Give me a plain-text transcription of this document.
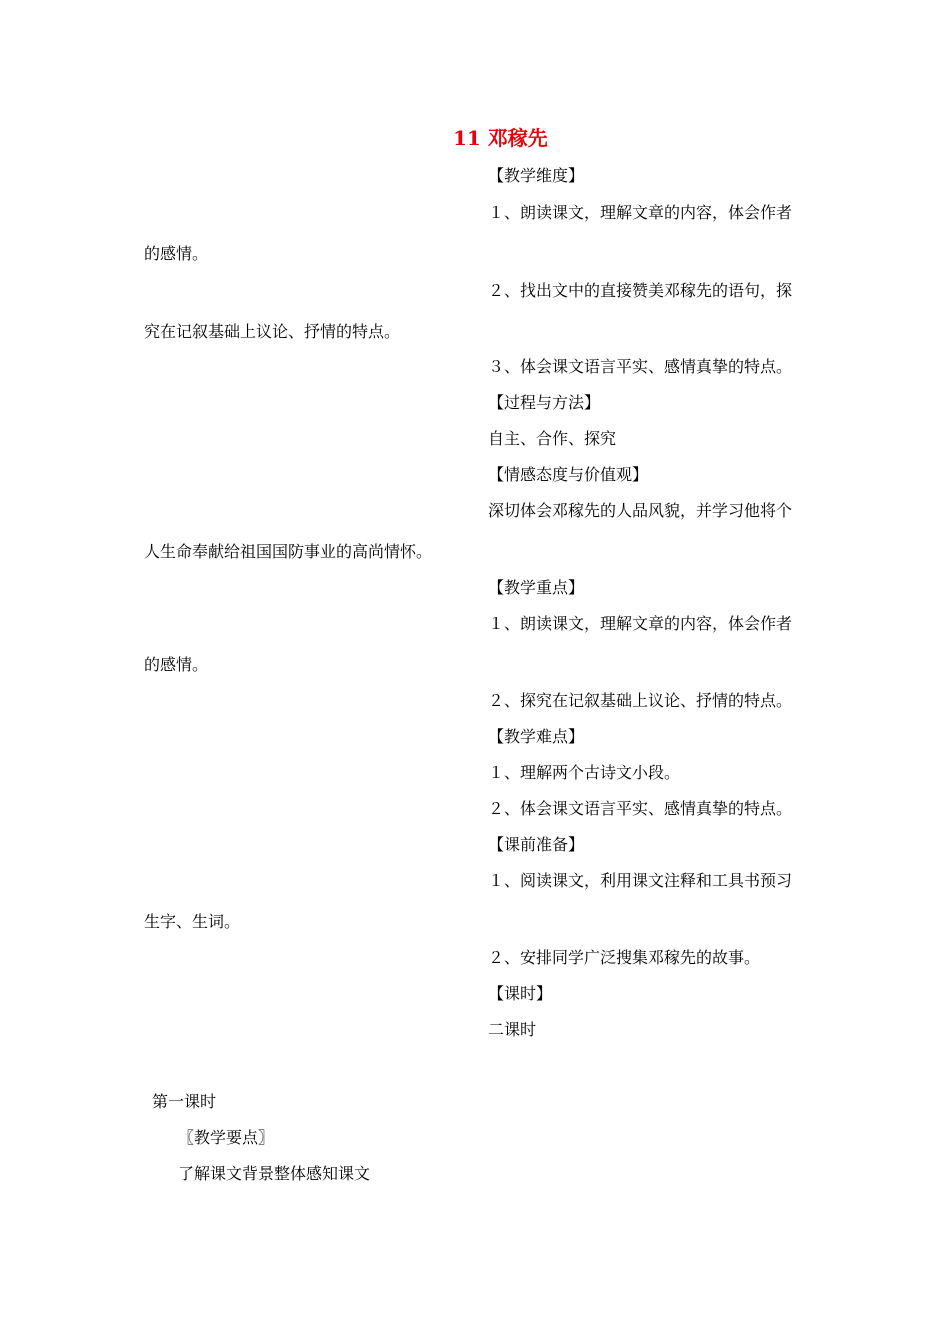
11 邓稼先
【教学维度】
１、朗读课文，理解文章的内容，体会作者
的感情。
２、找出文中的直接赞美邓稼先的语句，探
究在记叙基础上议论、抒情的特点。
３、体会课文语言平实、感情真挚的特点。
【过程与方法】
自主、合作、探究
【情感态度与价值观】
深切体会邓稼先的人品风貌，并学习他将个
人生命奉献给祖国国防事业的高尚情怀。
【教学重点】
１、朗读课文，理解文章的内容，体会作者
的感情。
２、探究在记叙基础上议论、抒情的特点。
【教学难点】
１、理解两个古诗文小段。
２、体会课文语言平实、感情真挚的特点。
【课前准备】
１、阅读课文，利用课文注释和工具书预习
生字、生词。
２、安排同学广泛搜集邓稼先的故事。
【课时】
二课时
第一课时
〖教学要点〗
了解课文背景整体感知课文
